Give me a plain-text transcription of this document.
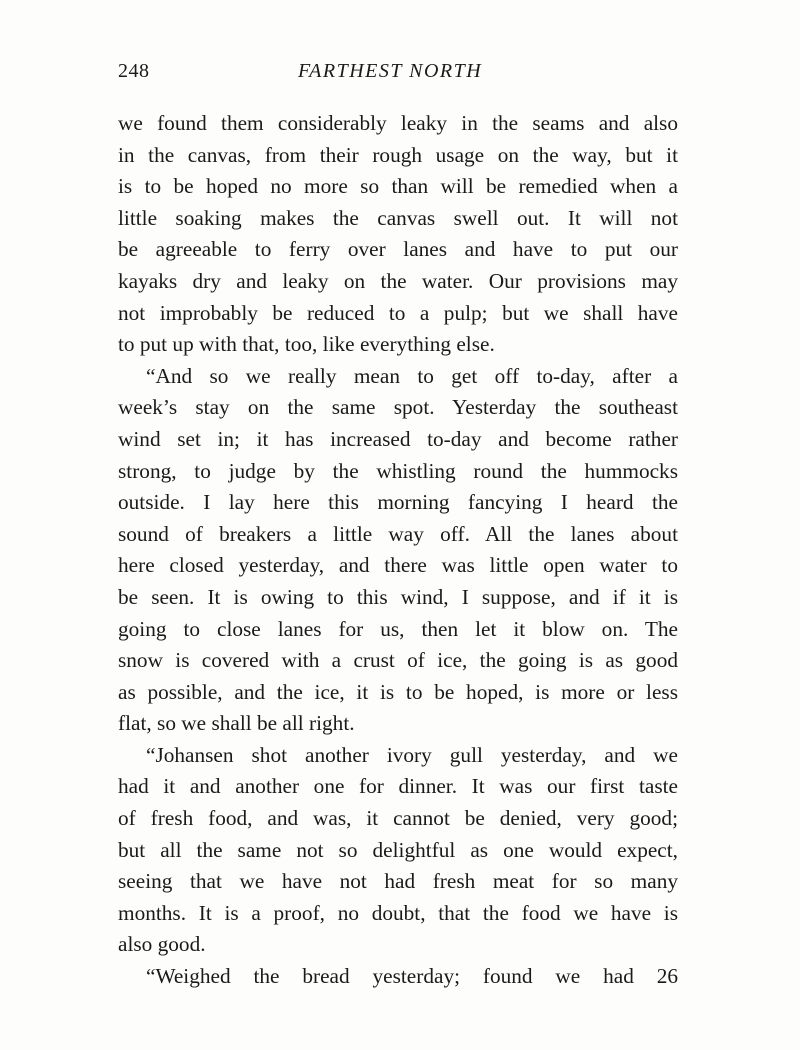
248	FARTHEST NORTH
we found them considerably leaky in the seams and also
in the canvas, from their rough usage on the way, but it
is to be hoped no more so than will be remedied when a
little soaking makes the canvas swell out. It will not
be agreeable to ferry over lanes and have to put our
kayaks dry and leaky on the water. Our provisions may
not improbably be reduced to a pulp; but we shall have
to put up with that, too, like everything else.
“And so we really mean to get off to-day, after a
week’s stay on the same spot. Yesterday the southeast
wind set in; it has increased to-day and become rather
strong, to judge by the whistling round the hummocks
outside. I lay here this morning fancying I heard the
sound of breakers a little way off. All the lanes about
here closed yesterday, and there was little open water to
be seen. It is owing to this wind, I suppose, and if it is
going to close lanes for us, then let it blow on. The
snow is covered with a crust of ice, the going is as good
as possible, and the ice, it is to be hoped, is more or less
flat, so we shall be all right.
“Johansen shot another ivory gull yesterday, and we
had it and another one for dinner. It was our first taste
of fresh food, and was, it cannot be denied, very good;
but all the same not so delightful as one would expect,
seeing that we have not had fresh meat for so many
months. It is a proof, no doubt, that the food we have is
also good.
“Weighed the bread yesterday; found we had 26
